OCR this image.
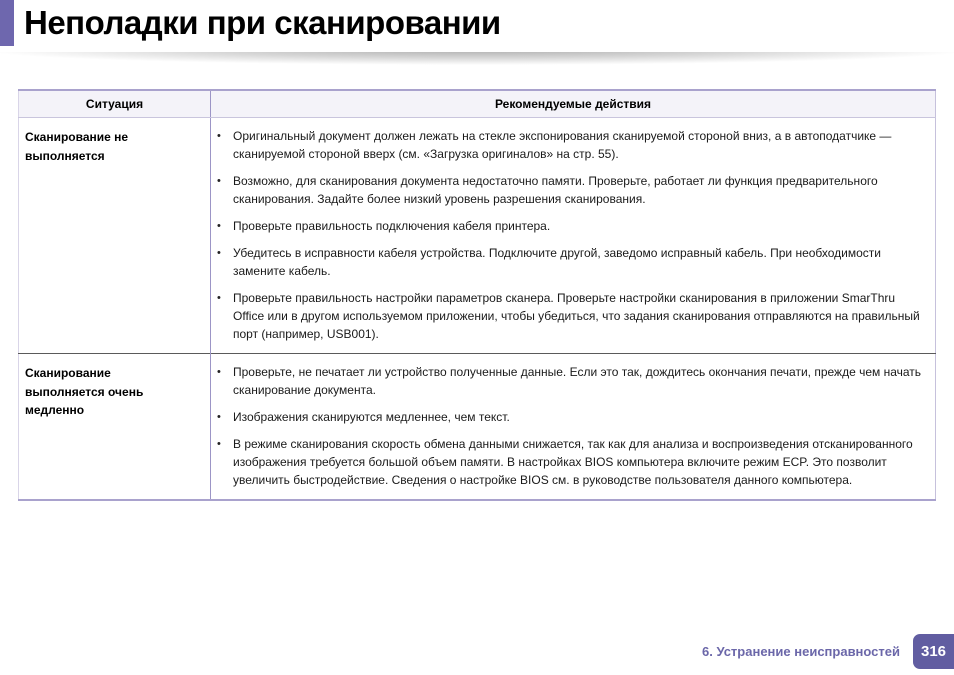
Неполадки при сканировании
Ситуация	Рекомендуемые действия
Сканирование не выполняется	
•	Оригинальный документ должен лежать на стекле экспонирования сканируемой стороной вниз, а в автоподатчике — сканируемой стороной вверх (см. «Загрузка оригиналов» на стр. 55).
•	Возможно, для сканирования документа недостаточно памяти. Проверьте, работает ли функция предварительного сканирования. Задайте более низкий уровень разрешения сканирования.
•	Проверьте правильность подключения кабеля принтера.
•	Убедитесь в исправности кабеля устройства. Подключите другой, заведомо исправный кабель. При необходимости замените кабель.
•	Проверьте правильность настройки параметров сканера. Проверьте настройки сканирования в приложении SmarThru Office или в другом используемом приложении, чтобы убедиться, что задания сканирования отправляются на правильный порт (например, USB001).

Сканирование выполняется очень медленно	
•	Проверьте, не печатает ли устройство полученные данные. Если это так, дождитесь окончания печати, прежде чем начать сканирование документа.
•	Изображения сканируются медленнее, чем текст.
•	В режиме сканирования скорость обмена данными снижается, так как для анализа и воспроизведения отсканированного изображения требуется большой объем памяти. В настройках BIOS компьютера включите режим ECP. Это позволит увеличить быстродействие. Сведения о настройке BIOS см. в руководстве пользователя данного компьютера.
6. Устранение неисправностей	316
